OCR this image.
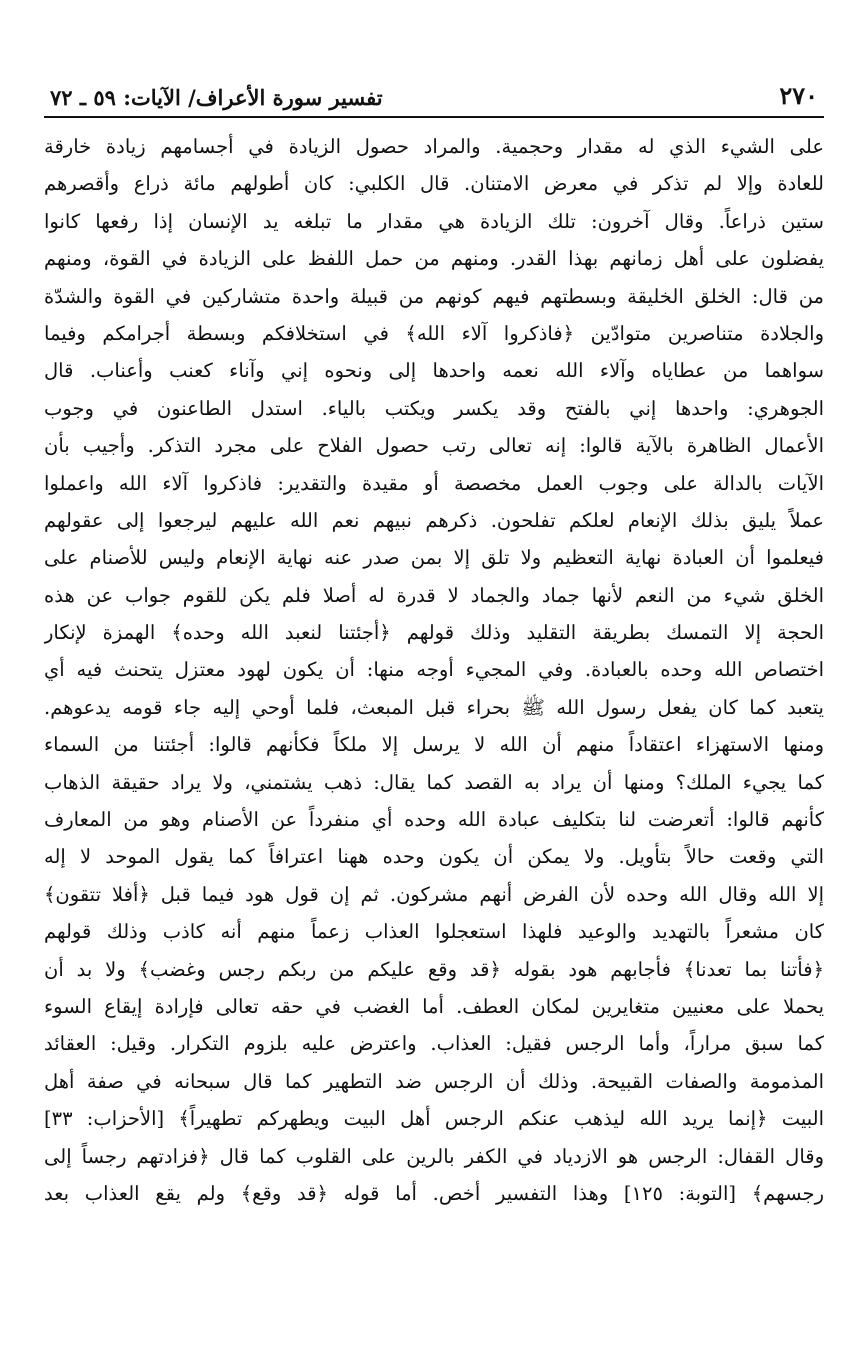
٢٧٠
تفسير سورة الأعراف/ الآيات: ٥٩ ـ ٧٢
على الشيء الذي له مقدار وحجمية. والمراد حصول الزيادة في أجسامهم زيادة خارقة
للعادة وإلا لم تذكر في معرض الامتنان. قال الكلبي: كان أطولهم مائة ذراع وأقصرهم
ستين ذراعاً. وقال آخرون: تلك الزيادة هي مقدار ما تبلغه يد الإنسان إذا رفعها كانوا
يفضلون على أهل زمانهم بهذا القدر. ومنهم من حمل اللفظ على الزيادة في القوة، ومنهم
من قال: الخلق الخليقة وبسطتهم فيهم كونهم من قبيلة واحدة متشاركين في القوة والشدّة
والجلادة متناصرين متوادّين ﴿فاذكروا آلاء الله﴾ في استخلافكم وبسطة أجرامكم وفيما
سواهما من عطاياه وآلاء الله نعمه واحدها إلى ونحوه إني وآناء كعنب وأعناب. قال
الجوهري: واحدها إني بالفتح وقد يكسر ويكتب بالياء. استدل الطاعنون في وجوب
الأعمال الظاهرة بالآية قالوا: إنه تعالى رتب حصول الفلاح على مجرد التذكر. وأجيب بأن
الآيات بالدالة على وجوب العمل مخصصة أو مقيدة والتقدير: فاذكروا آلاء الله واعملوا
عملاً يليق بذلك الإنعام لعلكم تفلحون. ذكرهم نبيهم نعم الله عليهم ليرجعوا إلى عقولهم
فيعلموا أن العبادة نهاية التعظيم ولا تلق إلا بمن صدر عنه نهاية الإنعام وليس للأصنام على
الخلق شيء من النعم لأنها جماد والجماد لا قدرة له أصلا فلم يكن للقوم جواب عن هذه
الحجة إلا التمسك بطريقة التقليد وذلك قولهم ﴿أجئتنا لنعبد الله وحده﴾ الهمزة لإنكار
اختصاص الله وحده بالعبادة. وفي المجيء أوجه منها: أن يكون لهود معتزل يتحنث فيه أي
يتعبد كما كان يفعل رسول الله ﷺ بحراء قبل المبعث، فلما أوحي إليه جاء قومه يدعوهم.
ومنها الاستهزاء اعتقاداً منهم أن الله لا يرسل إلا ملكاً فكأنهم قالوا: أجئتنا من السماء
كما يجيء الملك؟ ومنها أن يراد به القصد كما يقال: ذهب يشتمني، ولا يراد حقيقة الذهاب
كأنهم قالوا: أتعرضت لنا بتكليف عبادة الله وحده أي منفرداً عن الأصنام وهو من المعارف
التي وقعت حالاً بتأويل. ولا يمكن أن يكون وحده ههنا اعترافاً كما يقول الموحد لا إله
إلا الله وقال الله وحده لأن الفرض أنهم مشركون. ثم إن قول هود فيما قبل ﴿أفلا تتقون﴾
كان مشعراً بالتهديد والوعيد فلهذا استعجلوا العذاب زعماً منهم أنه كاذب وذلك قولهم
﴿فأتنا بما تعدنا﴾ فأجابهم هود بقوله ﴿قد وقع عليكم من ربكم رجس وغضب﴾ ولا بد أن
يحملا على معنيين متغايرين لمكان العطف. أما الغضب في حقه تعالى فإرادة إيقاع السوء
كما سبق مراراً، وأما الرجس فقيل: العذاب. واعترض عليه بلزوم التكرار. وقيل: العقائد
المذمومة والصفات القبيحة. وذلك أن الرجس ضد التطهير كما قال سبحانه في صفة أهل
البيت ﴿إنما يريد الله ليذهب عنكم الرجس أهل البيت ويطهركم تطهيراً﴾ [الأحزاب: ٣٣]
وقال القفال: الرجس هو الازدياد في الكفر بالرين على القلوب كما قال ﴿فزادتهم رجساً إلى
رجسهم﴾ [التوبة: ١٢٥] وهذا التفسير أخص. أما قوله ﴿قد وقع﴾ ولم يقع العذاب بعد
